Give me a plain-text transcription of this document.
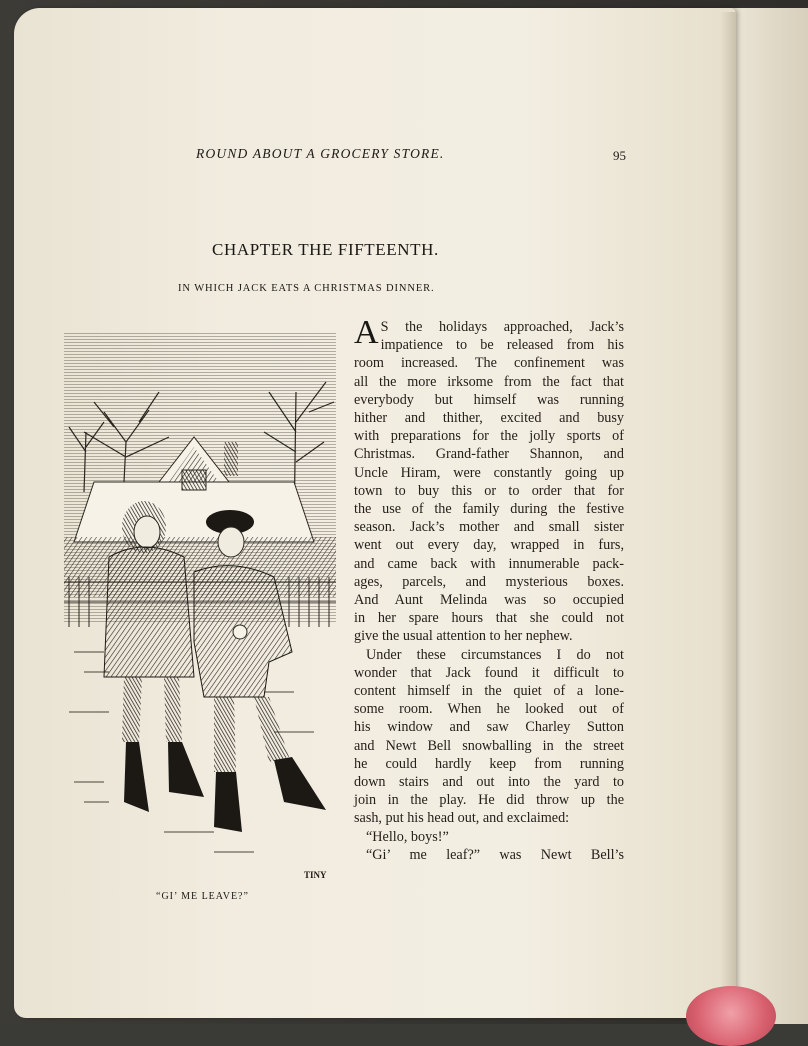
ROUND ABOUT A GROCERY STORE.	95
CHAPTER THE FIFTEENTH.
IN WHICH JACK EATS A CHRISTMAS DINNER.
TINY
“GI’ ME LEAVE?”
A S the holidays approached, Jack’s
impatience to be released from his
room increased. The confinement was
all the more irksome from the fact that
everybody but himself was running
hither and thither, excited and busy
with preparations for the jolly sports of
Christmas. Grand-father Shannon, and
Uncle Hiram, were constantly going up
town to buy this or to order that for
the use of the family during the festive
season. Jack’s mother and small sister
went out every day, wrapped in furs,
and came back with innumerable pack-
ages, parcels, and mysterious boxes.
And Aunt Melinda was so occupied
in her spare hours that she could not
give the usual attention to her nephew.
Under these circumstances I do not
wonder that Jack found it difficult to
content himself in the quiet of a lone-
some room. When he looked out of
his window and saw Charley Sutton
and Newt Bell snowballing in the street
he could hardly keep from running
down stairs and out into the yard to
join in the play. He did throw up the
sash, put his head out, and exclaimed:
“Hello, boys!”
“Gi’ me leaf?” was Newt Bell’s
